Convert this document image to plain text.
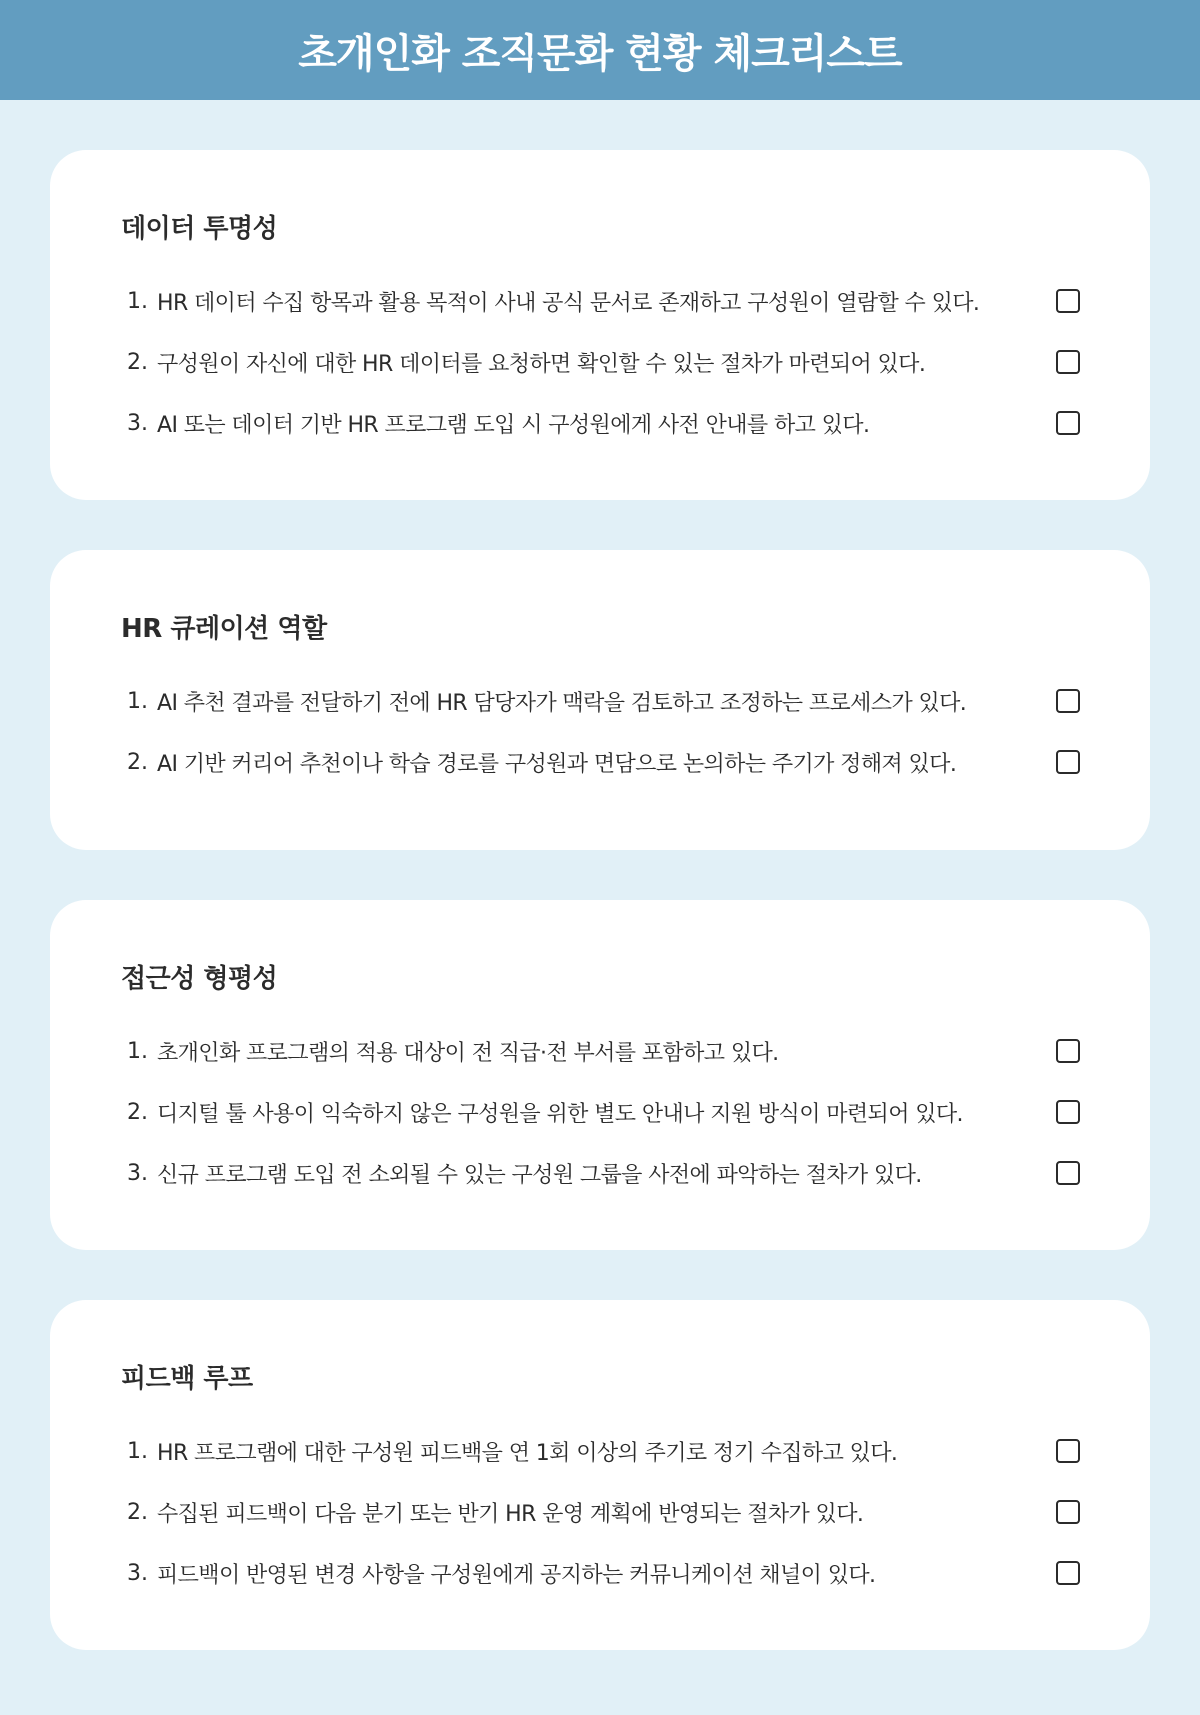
초개인화 조직문화 현황 체크리스트
데이터 투명성
1. HR 데이터 수집 항목과 활용 목적이 사내 공식 문서로 존재하고 구성원이 열람할 수 있다.
2. 구성원이 자신에 대한 HR 데이터를 요청하면 확인할 수 있는 절차가 마련되어 있다.
3. AI 또는 데이터 기반 HR 프로그램 도입 시 구성원에게 사전 안내를 하고 있다.
HR 큐레이션 역할
1. AI 추천 결과를 전달하기 전에 HR 담당자가 맥락을 검토하고 조정하는 프로세스가 있다.
2. AI 기반 커리어 추천이나 학습 경로를 구성원과 면담으로 논의하는 주기가 정해져 있다.
접근성 형평성
1. 초개인화 프로그램의 적용 대상이 전 직급·전 부서를 포함하고 있다.
2. 디지털 툴 사용이 익숙하지 않은 구성원을 위한 별도 안내나 지원 방식이 마련되어 있다.
3. 신규 프로그램 도입 전 소외될 수 있는 구성원 그룹을 사전에 파악하는 절차가 있다.
피드백 루프
1. HR 프로그램에 대한 구성원 피드백을 연 1회 이상의 주기로 정기 수집하고 있다.
2. 수집된 피드백이 다음 분기 또는 반기 HR 운영 계획에 반영되는 절차가 있다.
3. 피드백이 반영된 변경 사항을 구성원에게 공지하는 커뮤니케이션 채널이 있다.
